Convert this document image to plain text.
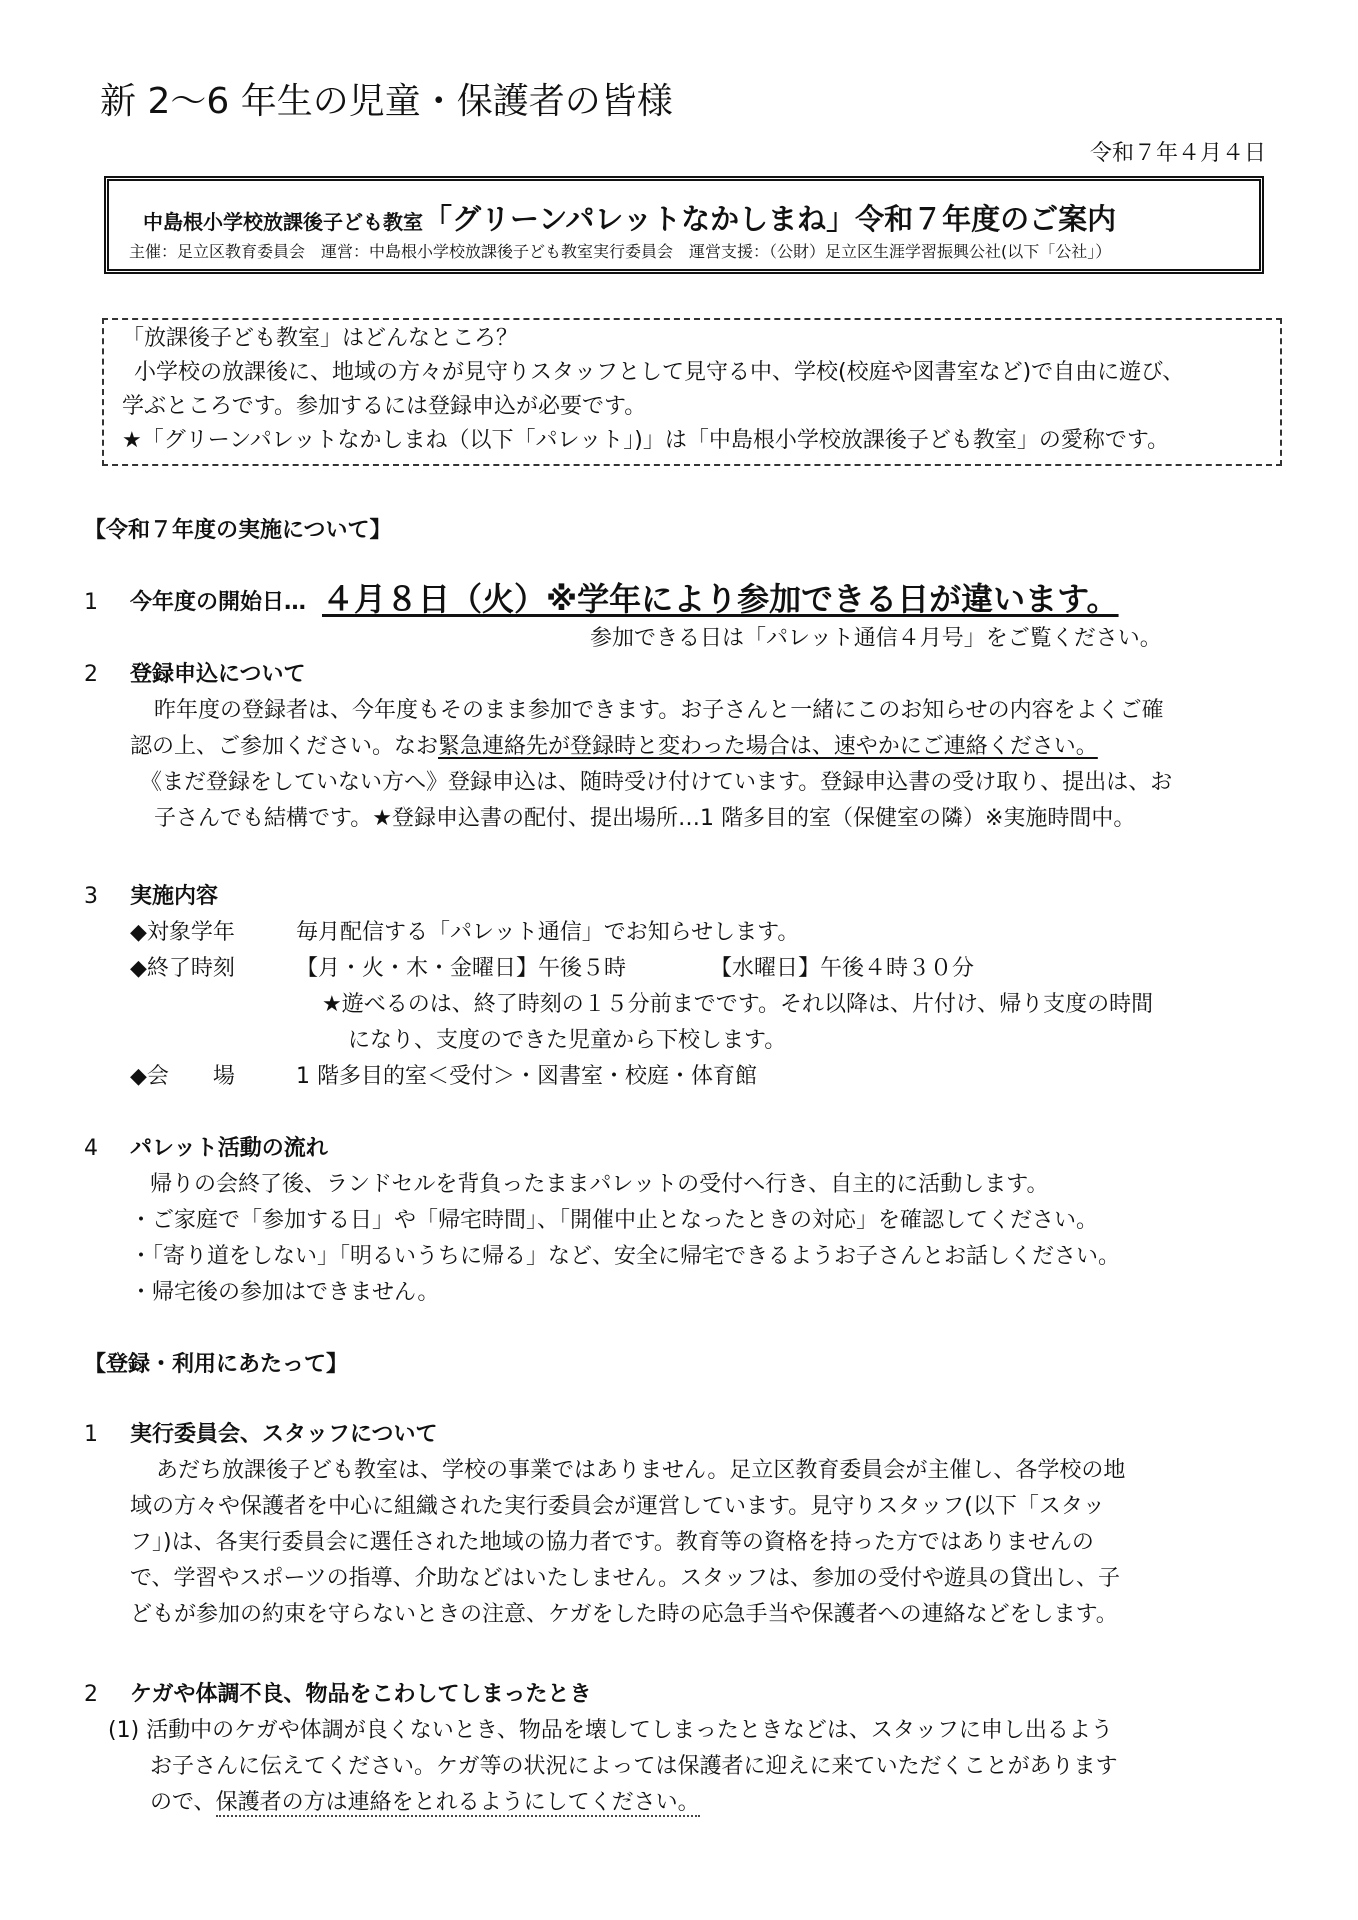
新 2〜6 年生の児童・保護者の皆様
令和７年４月４日
中島根小学校放課後子ども教室「グリーンパレットなかしまね」令和７年度のご案内
主催：足立区教育委員会　運営：中島根小学校放課後子ども教室実行委員会　運営支援：（公財）足立区生涯学習振興公社(以下「公社」）
「放課後子ども教室」はどんなところ？
小学校の放課後に、地域の方々が見守りスタッフとして見守る中、学校(校庭や図書室など)で自由に遊び、
学ぶところです。参加するには登録申込が必要です。
★「グリーンパレットなかしまね（以下「パレット」)」は「中島根小学校放課後子ども教室」の愛称です。
【令和７年度の実施について】
1 今年度の開始日… ４月８日（火）※学年により参加できる日が違います。
参加できる日は「パレット通信４月号」をご覧ください。
2 登録申込について
昨年度の登録者は、今年度もそのまま参加できます。お子さんと一緒にこのお知らせの内容をよくご確
認の上、ご参加ください。なお緊急連絡先が登録時と変わった場合は、速やかにご連絡ください。
《まだ登録をしていない方へ》登録申込は、随時受け付けています。登録申込書の受け取り、提出は、お
子さんでも結構です。★登録申込書の配付、提出場所…1 階多目的室（保健室の隣）※実施時間中。
3 実施内容
◆対象学年	毎月配信する「パレット通信」でお知らせします。
◆終了時刻	【月・火・木・金曜日】午後５時	【水曜日】午後４時３０分
★遊べるのは、終了時刻の１５分前までです。それ以降は、片付け、帰り支度の時間
になり、支度のできた児童から下校します。
◆会　　場	1 階多目的室＜受付＞・図書室・校庭・体育館
4 パレット活動の流れ
帰りの会終了後、ランドセルを背負ったままパレットの受付へ行き、自主的に活動します。
・ご家庭で「参加する日」や「帰宅時間」、「開催中止となったときの対応」を確認してください。
・「寄り道をしない」「明るいうちに帰る」など、安全に帰宅できるようお子さんとお話しください。
・帰宅後の参加はできません。
【登録・利用にあたって】
1 実行委員会、スタッフについて
あだち放課後子ども教室は、学校の事業ではありません。足立区教育委員会が主催し、各学校の地
域の方々や保護者を中心に組織された実行委員会が運営しています。見守りスタッフ(以下「スタッ
フ」)は、各実行委員会に選任された地域の協力者です。教育等の資格を持った方ではありませんの
で、学習やスポーツの指導、介助などはいたしません。スタッフは、参加の受付や遊具の貸出し、子
どもが参加の約束を守らないときの注意、ケガをした時の応急手当や保護者への連絡などをします。
2 ケガや体調不良、物品をこわしてしまったとき
(1) 活動中のケガや体調が良くないとき、物品を壊してしまったときなどは、スタッフに申し出るよう
お子さんに伝えてください。ケガ等の状況によっては保護者に迎えに来ていただくことがあります
ので、保護者の方は連絡をとれるようにしてください。
